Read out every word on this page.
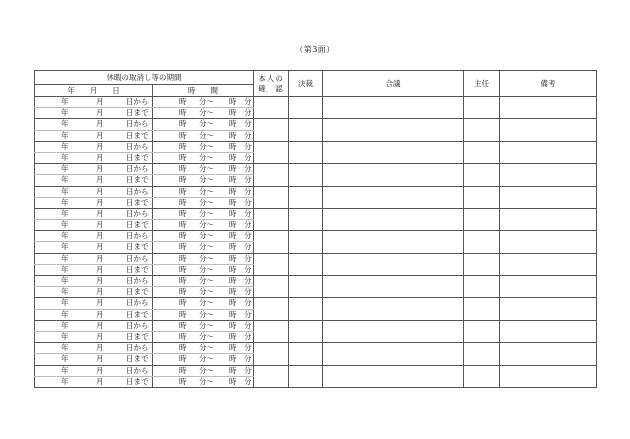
（第3面）
休暇の取消し等の期間		本人の
確　認	決裁	合議	主任	備考
年　　月　　日	時　　間					

年 月 日から	時 分～ 時 分					

年 月 日まで	時 分～ 時 分					

年 月 日から	時 分～ 時 分					

年 月 日まで	時 分～ 時 分					

年 月 日から	時 分～ 時 分					

年 月 日まで	時 分～ 時 分					

年 月 日から	時 分～ 時 分					

年 月 日まで	時 分～ 時 分					

年 月 日から	時 分～ 時 分					

年 月 日まで	時 分～ 時 分					

年 月 日から	時 分～ 時 分					

年 月 日まで	時 分～ 時 分					

年 月 日から	時 分～ 時 分					

年 月 日まで	時 分～ 時 分					

年 月 日から	時 分～ 時 分					

年 月 日まで	時 分～ 時 分					

年 月 日から	時 分～ 時 分					

年 月 日まで	時 分～ 時 分					

年 月 日から	時 分～ 時 分					

年 月 日まで	時 分～ 時 分					

年 月 日から	時 分～ 時 分					

年 月 日まで	時 分～ 時 分					

年 月 日から	時 分～ 時 分					

年 月 日まで	時 分～ 時 分					

年 月 日から	時 分～ 時 分					

年 月 日まで	時 分～ 時 分					
